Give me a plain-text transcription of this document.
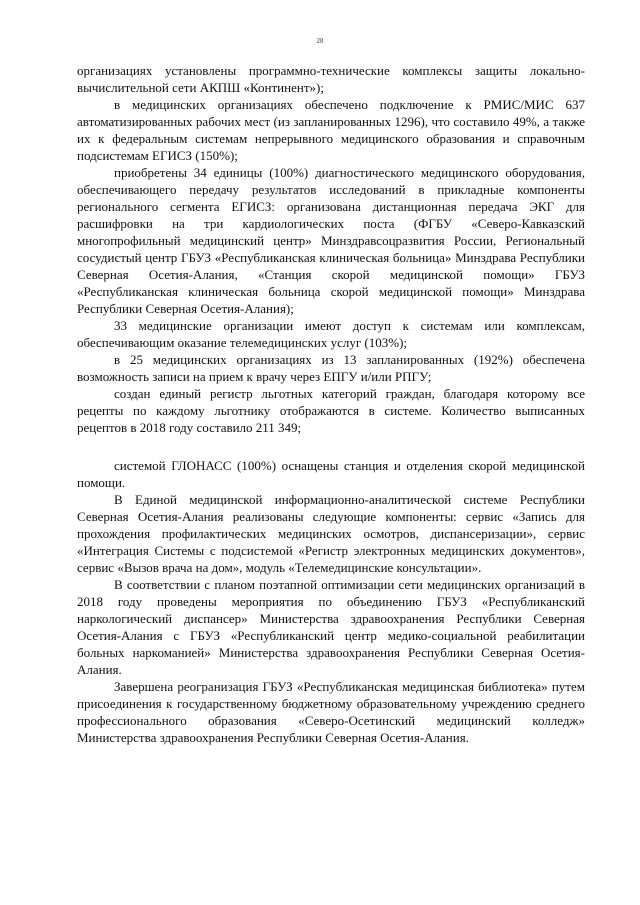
28

организациях установлены программно-технические комплексы защиты локально-вычислительной сети АКПШ «Континент»);

в медицинских организациях обеспечено подключение к РМИС/МИС 637 автоматизированных рабочих мест (из запланированных 1296), что составило 49%, а также их к федеральным системам непрерывного медицинского образования и справочным подсистемам ЕГИСЗ (150%);

приобретены 34 единицы (100%) диагностического медицинского оборудования, обеспечивающего передачу результатов исследований в прикладные компоненты регионального сегмента ЕГИСЗ: организована дистанционная передача ЭКГ для расшифровки на три кардиологических поста (ФГБУ «Северо-Кавказский многопрофильный медицинский центр» Минздравсоцразвития России, Региональный сосудистый центр ГБУЗ «Республиканская клиническая больница» Минздрава Республики Северная Осетия-Алания, «Станция скорой медицинской помощи» ГБУЗ «Республиканская клиническая больница скорой медицинской помощи» Минздрава Республики Северная Осетия-Алания);

33 медицинские организации имеют доступ к системам или комплексам, обеспечивающим оказание телемедицинских услуг (103%);

в 25 медицинских организациях из 13 запланированных (192%) обеспечена возможность записи на прием к врачу через ЕПГУ и/или РПГУ;

создан единый регистр льготных категорий граждан, благодаря которому все рецепты по каждому льготнику отображаются в системе. Количество выписанных рецептов в 2018 году составило 211 349;

системой ГЛОНАСС (100%) оснащены станция и отделения скорой медицинской помощи.

В Единой медицинской информационно-аналитической системе Республики Северная Осетия-Алания реализованы следующие компоненты: сервис «Запись для прохождения профилактических медицинских осмотров, диспансеризации», сервис «Интеграция Системы с подсистемой «Регистр электронных медицинских документов», сервис «Вызов врача на дом», модуль «Телемедицинские консультации».

В соответствии с планом поэтапной оптимизации сети медицинских организаций в 2018 году проведены мероприятия по объединению ГБУЗ «Республиканский наркологический диспансер» Министерства здравоохранения Республики Северная Осетия-Алания с ГБУЗ «Республиканский центр медико-социальной реабилитации больных наркоманией» Министерства здравоохранения Республики Северная Осетия-Алания.

Завершена реогранизация ГБУЗ «Республиканская медицинская библиотека» путем присоединения к государственному бюджетному образовательному учреждению среднего профессионального образования «Северо-Осетинский медицинский колледж» Министерства здравоохранения Республики Северная Осетия-Алания.
